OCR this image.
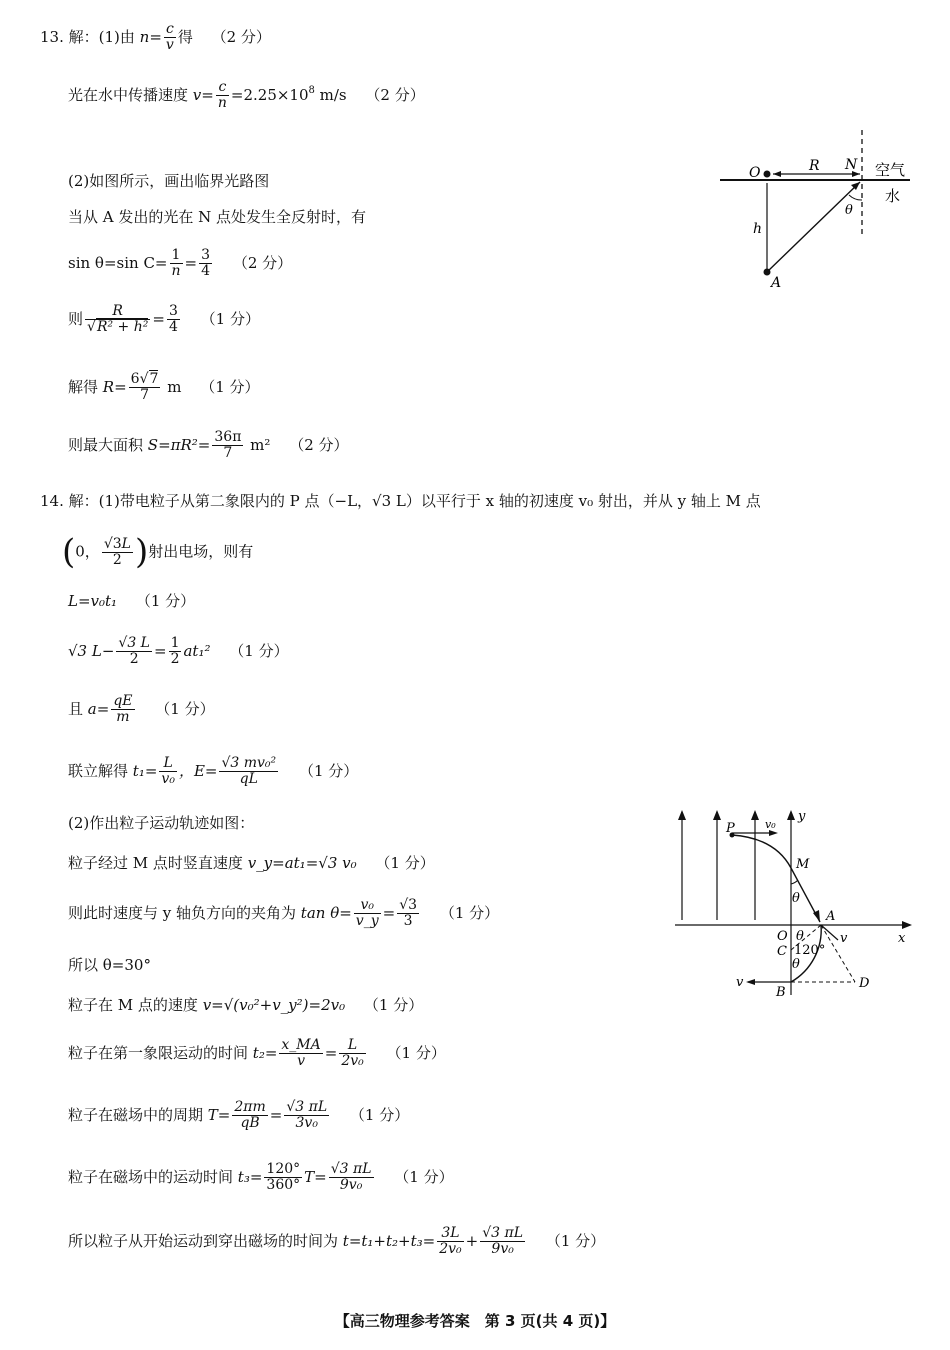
13. 解：(1)由 $n= \frac{c}{v}$ 得 （2 分）
光在水中传播速度 $v= \frac{c}{n} =2.25\times 10^8$ m/s （2 分）
(2)如图所示，画出临界光路图
当从 A 发出的光在 N 点处发生全反射时，有
sin θ=sin $C= \frac{1}{n} = \frac{3}{4} (2$ 分）
则 $\frac{R}{\text{√R² + h²}} = \frac{3}{4} (1$ 分）
解得 $R= \frac{6√7}{7}$ m （1 分）
则最大面积 $S=\pi R^2= \frac{36\pi}{7} m^2$ （2 分）
O	R N 空气
水
h
A
θ
14. 解：(1)带电粒子从第二象限内的 P 点（−L，√3 L）以平行于 x 轴的初速度 v₀ 射出，并从 y 轴上 M 点
(0， $\frac{√3L}{2}$ )射出电场，则有
L=v₀t₁ （1 分）
√3 $L- \frac{√3 L}{2} = \frac{1}{2} at_1^2$ （1 分）
且 $a= \frac{qE}{m} (1$ 分）
联立解得 $t_1= \frac{L}{\text{v₀}}$ ，$E= \frac{\text{√3 mv₀²}}{qL} (1$ 分）
(2)作出粒子运动轨迹如图：
粒子经过 M 点时竖直速度 v_y=at₁=√3 v₀ （1 分）
则此时速度与 y 轴负方向的夹角为 $\tan \theta= \frac{\text{v₀}}{v\_y} = \frac{√3}{3} (1$ 分）
所以 θ=30°
粒子在 M 点的速度 v=√(v₀²+v_y²)=2v₀ （1 分）
粒子在第一象限运动的时间 $t_2= \frac{x\_MA}{v} = \frac{L}{\text{2v₀}} (1$ 分）
粒子在磁场中的周期 $T= \frac{2\pi m}{qB} = \frac{√3 \pi L}{\text{3v₀}} (1$ 分）
粒子在磁场中的运动时间 $t_3= \frac{120^\circ}{360^\circ} T= \frac{√3 \pi L}{\text{9v₀}} (1$ 分）
所以粒子从开始运动到穿出磁场的时间为 $t=t_1+t_2+t_3= \frac{3L}{\text{2v₀}} + \frac{√3 \pi L}{\text{9v₀}} (1$ 分）
P	v₀
y
M
θ
A
x
O θ
C 120°
v
θ
v
B
D
【高三物理参考答案　第 3 页(共 4 页)】
